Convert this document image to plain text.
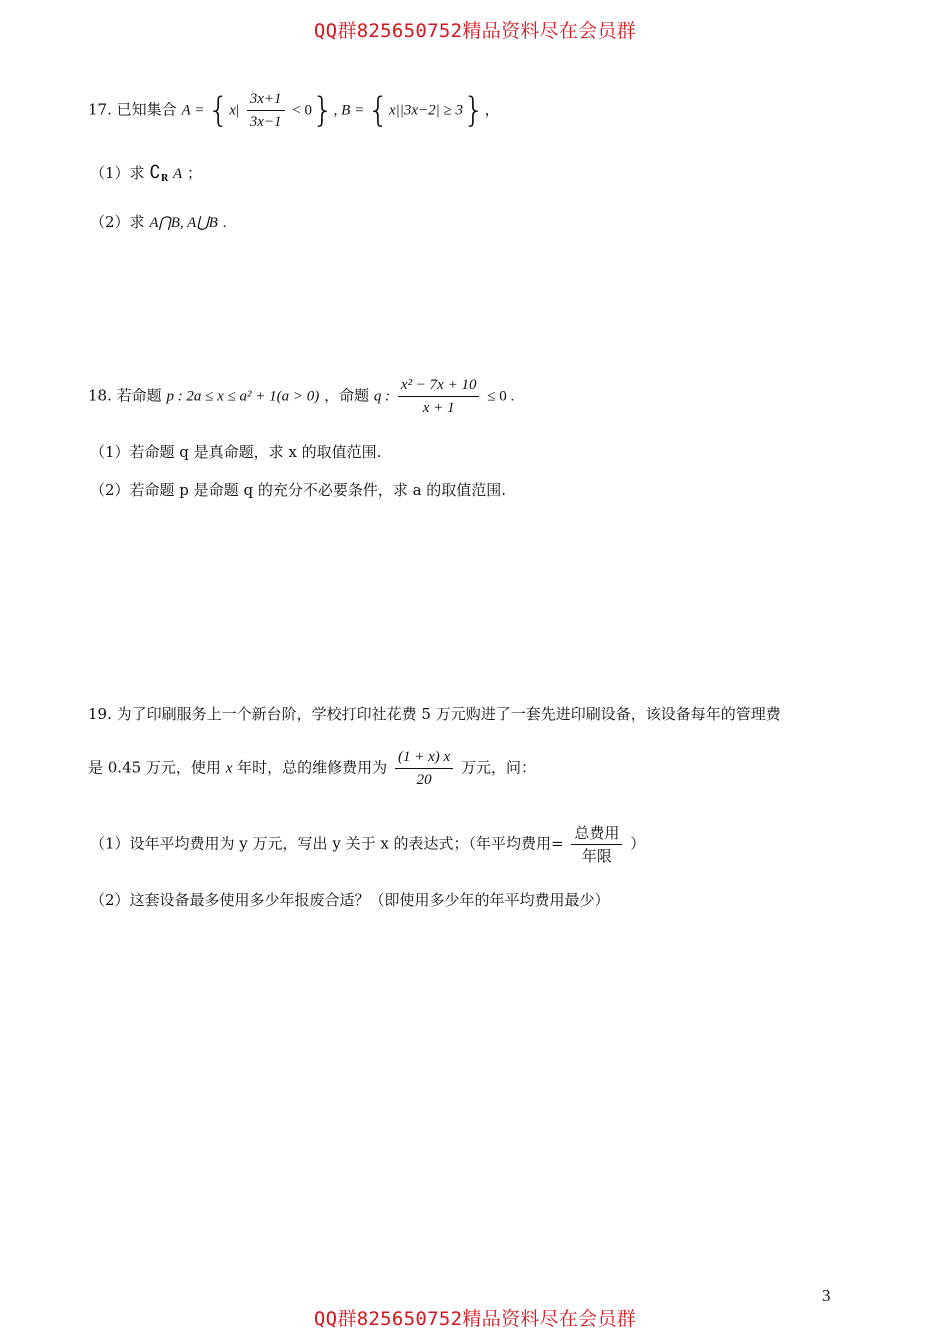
QQ群825650752精品资料尽在会员群
17. 已知集合 $A = \{x| \frac{3x+1}{3x-1} < 0\}$, B = {x||3x−2| ≥ 3}，
（1）求 $∁_R$ A ；
（2）求 A⋂B, A⋃B .
18. 若命题 p : 2a ≤ x ≤ a² + 1(a > 0) ，命题 q : $\frac{\text{x² − 7x + 10}}{x + 1} \le 0$ .
（1）若命题 q 是真命题，求 x 的取值范围.
（2）若命题 p 是命题 q 的充分不必要条件，求 a 的取值范围.
19. 为了印刷服务上一个新台阶，学校打印社花费 5 万元购进了一套先进印刷设备，该设备每年的管理费
是 0.45 万元，使用 x 年时，总的维修费用为 $\frac{(1 + x) x}{20}$ 万元，问：
（1）设年平均费用为 y 万元，写出 y 关于 x 的表达式；（年平均费用= $\frac{\text{总费用}}{\text{年限}}$ ）
（2）这套设备最多使用多少年报废合适？（即使用多少年的年平均费用最少）
3
QQ群825650752精品资料尽在会员群
